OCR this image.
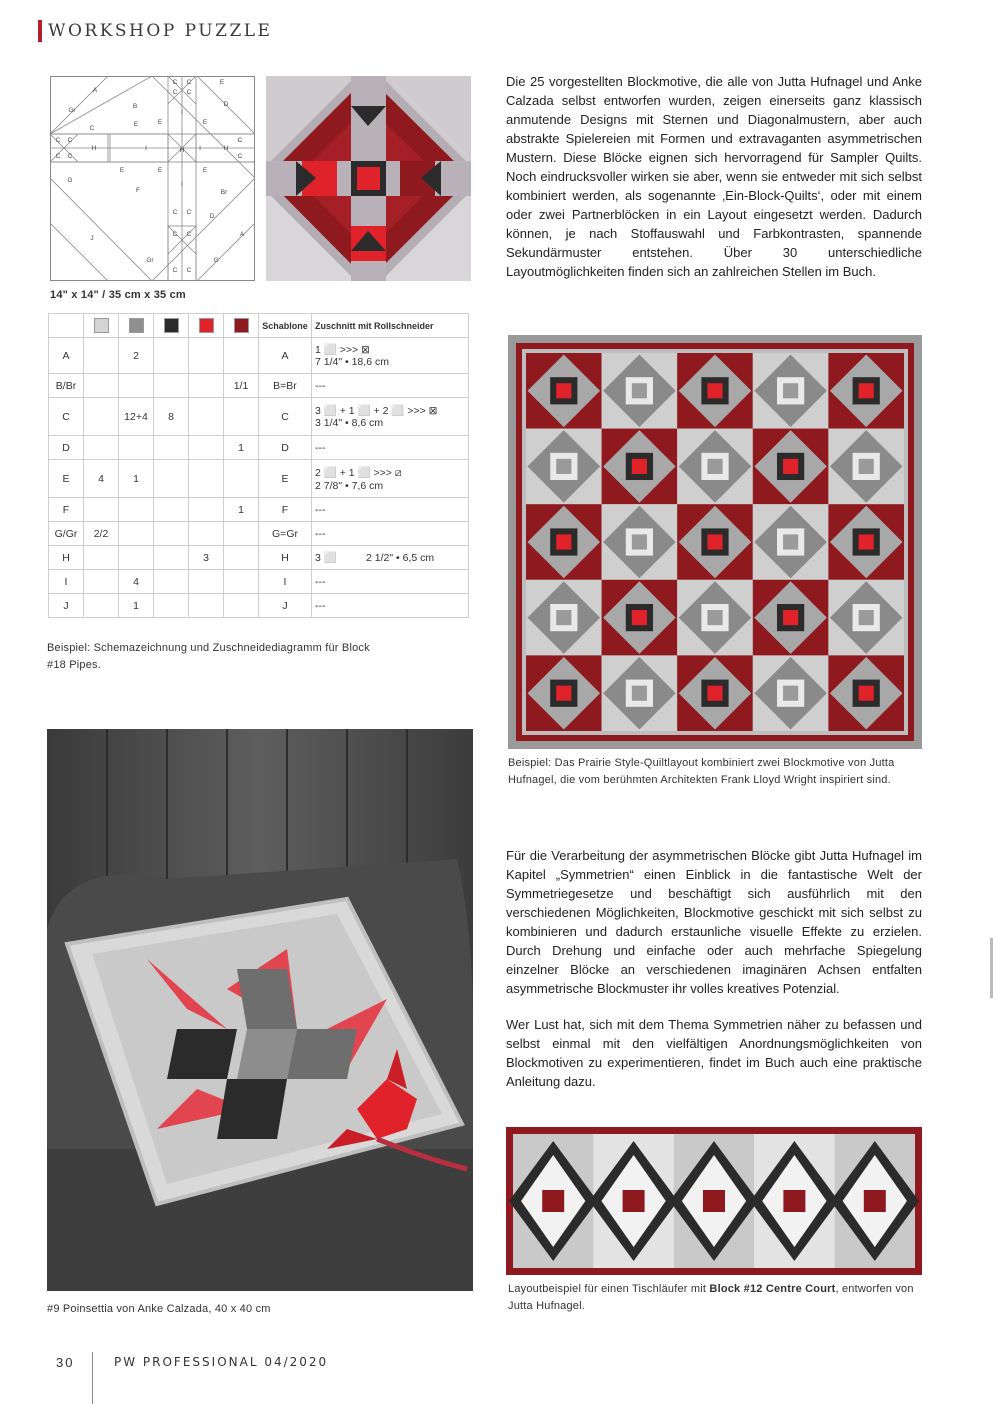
WORKSHOP PUZZLE
A
B
C
D
E
F
G
Gr
H	I
Br
J
C C
C C
C C
C C
C
C
C C
C C
C C
E
E
E
E
E
H	H
I
I
I
Gr	G
A
D
E
14" x 14" / 35 cm x 35 cm
						Schablone	Zuschnitt mit Rollschneider
A		2				A	1 ⬜ >>> ⊠
7 1/4" • 18,6 cm

B/Br					1/1	B=Br	---

C		12+4	8			C	3 ⬜ + 1 ⬜ + 2 ⬜ >>> ⊠
3 1/4" • 8,6 cm

D					1	D	---

E	4	1				E	2 ⬜ + 1 ⬜ >>> ⧄
2 7/8" • 7,6 cm

F					1	F	---

G/Gr	2/2					G=Gr	---

H				3		H	3 ⬜          2 1/2" • 6,5 cm

I		4				I	---

J		1				J	---
Beispiel: Schemazeichnung und Zuschneidediagramm für Block #18 Pipes.
Die 25 vorgestellten Blockmotive, die alle von Jutta Hufnagel und Anke Calzada selbst entworfen wurden, zeigen einerseits ganz klassisch anmutende Designs mit Sternen und Diagonalmustern, aber auch abstrakte Spielereien mit Formen und extravaganten asymmetrischen Mustern. Diese Blöcke eignen sich hervorragend für Sampler Quilts. Noch eindrucksvoller wirken sie aber, wenn sie entweder mit sich selbst kombiniert werden, als sogenannte ‚Ein-Block-Quilts‘, oder mit einem oder zwei Partnerblöcken in ein Layout eingesetzt werden. Dadurch können, je nach Stoffauswahl und Farbkontrasten, spannende Sekundärmuster entstehen. Über 30 unterschiedliche Layoutmöglichkeiten finden sich an zahlreichen Stellen im Buch.
Beispiel: Das Prairie Style-Quiltlayout kombiniert zwei Blockmotive von Jutta Hufnagel, die vom berühmten Architekten Frank Lloyd Wright inspiriert sind.
Für die Verarbeitung der asymmetrischen Blöcke gibt Jutta Hufnagel im Kapitel „Symmetrien“ einen Einblick in die fantastische Welt der Symmetriegesetze und beschäftigt sich ausführlich mit den verschiedenen Möglichkeiten, Blockmotive geschickt mit sich selbst zu kombinieren und dadurch erstaunliche visuelle Effekte zu erzielen. Durch Drehung und einfache oder auch mehrfache Spiegelung einzelner Blöcke an verschiedenen imaginären Achsen entfalten asymmetrische Blockmuster ihr volles kreatives Potenzial.
Wer Lust hat, sich mit dem Thema Symmetrien näher zu befassen und selbst einmal mit den vielfältigen Anordnungsmöglichkeiten von Blockmotiven zu experimentieren, findet im Buch auch eine praktische Anleitung dazu.
#9 Poinsettia von Anke Calzada, 40 x 40 cm
Layoutbeispiel für einen Tischläufer mit Block #12 Centre Court, entworfen von Jutta Hufnagel.
30	PW PROFESSIONAL 04/2020
